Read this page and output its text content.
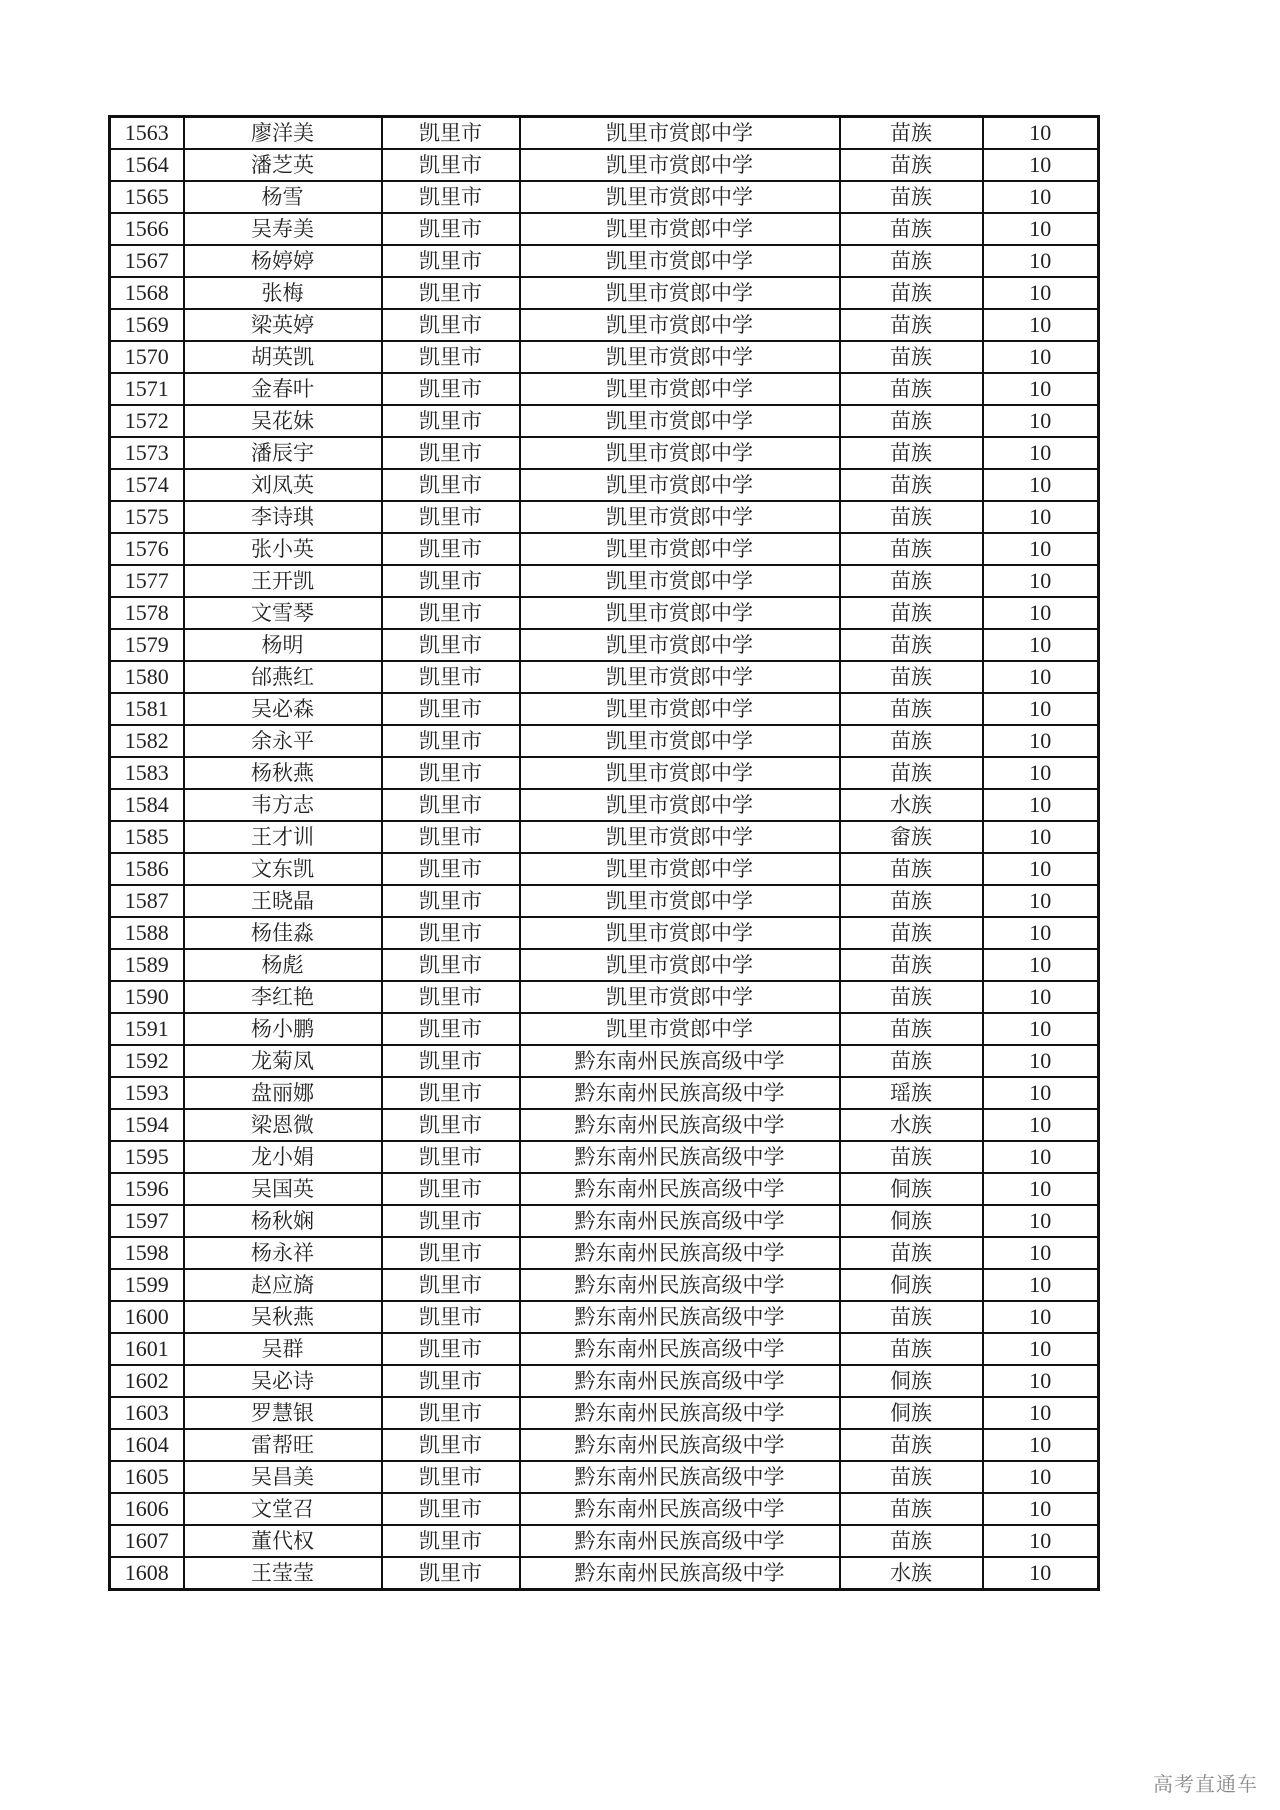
1563	廖洋美	凯里市	凯里市赏郎中学	苗族	10
1564	潘芝英	凯里市	凯里市赏郎中学	苗族	10
1565	杨雪	凯里市	凯里市赏郎中学	苗族	10
1566	吴寿美	凯里市	凯里市赏郎中学	苗族	10
1567	杨婷婷	凯里市	凯里市赏郎中学	苗族	10
1568	张梅	凯里市	凯里市赏郎中学	苗族	10
1569	梁英婷	凯里市	凯里市赏郎中学	苗族	10
1570	胡英凯	凯里市	凯里市赏郎中学	苗族	10
1571	金春叶	凯里市	凯里市赏郎中学	苗族	10
1572	吴花妹	凯里市	凯里市赏郎中学	苗族	10
1573	潘辰宇	凯里市	凯里市赏郎中学	苗族	10
1574	刘凤英	凯里市	凯里市赏郎中学	苗族	10
1575	李诗琪	凯里市	凯里市赏郎中学	苗族	10
1576	张小英	凯里市	凯里市赏郎中学	苗族	10
1577	王开凯	凯里市	凯里市赏郎中学	苗族	10
1578	文雪琴	凯里市	凯里市赏郎中学	苗族	10
1579	杨明	凯里市	凯里市赏郎中学	苗族	10
1580	邰燕红	凯里市	凯里市赏郎中学	苗族	10
1581	吴必森	凯里市	凯里市赏郎中学	苗族	10
1582	余永平	凯里市	凯里市赏郎中学	苗族	10
1583	杨秋燕	凯里市	凯里市赏郎中学	苗族	10
1584	韦方志	凯里市	凯里市赏郎中学	水族	10
1585	王才训	凯里市	凯里市赏郎中学	畲族	10
1586	文东凯	凯里市	凯里市赏郎中学	苗族	10
1587	王晓晶	凯里市	凯里市赏郎中学	苗族	10
1588	杨佳淼	凯里市	凯里市赏郎中学	苗族	10
1589	杨彪	凯里市	凯里市赏郎中学	苗族	10
1590	李红艳	凯里市	凯里市赏郎中学	苗族	10
1591	杨小鹏	凯里市	凯里市赏郎中学	苗族	10
1592	龙菊凤	凯里市	黔东南州民族高级中学	苗族	10
1593	盘丽娜	凯里市	黔东南州民族高级中学	瑶族	10
1594	梁恩微	凯里市	黔东南州民族高级中学	水族	10
1595	龙小娟	凯里市	黔东南州民族高级中学	苗族	10
1596	吴国英	凯里市	黔东南州民族高级中学	侗族	10
1597	杨秋娴	凯里市	黔东南州民族高级中学	侗族	10
1598	杨永祥	凯里市	黔东南州民族高级中学	苗族	10
1599	赵应旖	凯里市	黔东南州民族高级中学	侗族	10
1600	吴秋燕	凯里市	黔东南州民族高级中学	苗族	10
1601	吴群	凯里市	黔东南州民族高级中学	苗族	10
1602	吴必诗	凯里市	黔东南州民族高级中学	侗族	10
1603	罗慧银	凯里市	黔东南州民族高级中学	侗族	10
1604	雷帮旺	凯里市	黔东南州民族高级中学	苗族	10
1605	吴昌美	凯里市	黔东南州民族高级中学	苗族	10
1606	文堂召	凯里市	黔东南州民族高级中学	苗族	10
1607	董代权	凯里市	黔东南州民族高级中学	苗族	10
1608	王莹莹	凯里市	黔东南州民族高级中学	水族	10
高考直通车
